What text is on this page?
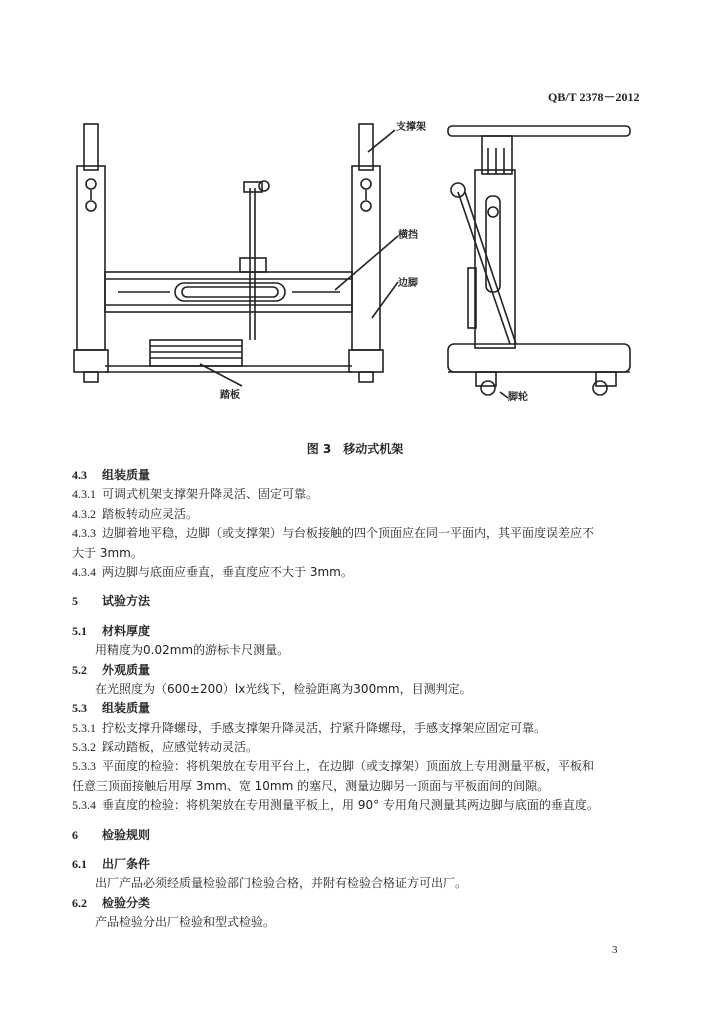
QB/T 2378－2012
支撑架
横挡
边脚
踏板	脚轮
图 3　移动式机架
4.3 组装质量
4.3.1 可调式机架支撑架升降灵活、固定可靠。
4.3.2 踏板转动应灵活。
4.3.3 边脚着地平稳，边脚（或支撑架）与台板接触的四个顶面应在同一平面内，其平面度误差应不
大于 3mm。
4.3.4 两边脚与底面应垂直，垂直度应不大于 3mm。
5 试验方法
5.1 材料厚度
用精度为0.02mm的游标卡尺测量。
5.2 外观质量
在光照度为（600±200）lx光线下，检验距离为300mm，目测判定。
5.3 组装质量
5.3.1 拧松支撑升降螺母，手感支撑架升降灵活，拧紧升降螺母，手感支撑架应固定可靠。
5.3.2 踩动踏板，应感觉转动灵活。
5.3.3 平面度的检验：将机架放在专用平台上，在边脚（或支撑架）顶面放上专用测量平板，平板和
任意三顶面接触后用厚 3mm、宽 10mm 的塞尺，测量边脚另一顶面与平板面间的间隙。
5.3.4 垂直度的检验：将机架放在专用测量平板上，用 90° 专用角尺测量其两边脚与底面的垂直度。
6 检验规则
6.1 出厂条件
出厂产品必须经质量检验部门检验合格，并附有检验合格证方可出厂。
6.2 检验分类
产品检验分出厂检验和型式检验。
3
